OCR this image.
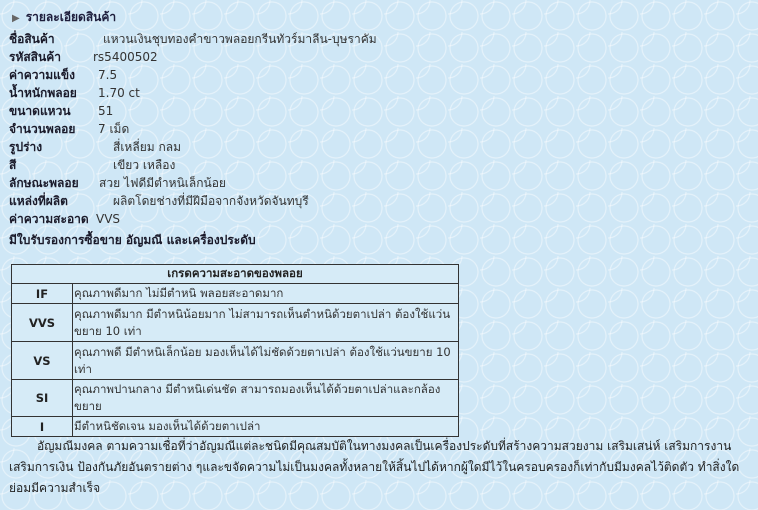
▶ รายละเอียดสินค้า
ชื่อสินค้า	แหวนเงินชุบทองคำขาวพลอยกรีนทัวร์มาลีน-บุษราคัม
รหัสสินค้า	rs5400502
ค่าความแข็ง 7.5
น้ำหนักพลอย 1.70 ct
ขนาดแหวน 51
จำนวนพลอย 7 เม็ด
รูปร่าง	สี่เหลี่ยม กลม
สี	เขียว เหลือง
ลักษณะพลอย สวย ไฟดีมีตำหนิเล็กน้อย
แหล่งที่ผลิต	ผลิตโดยช่างที่มีฝีมือจากจังหวัดจันทบุรี
ค่าความสะอาด VVS
มีใบรับรองการซื้อขาย อัญมณี และเครื่องประดับ
เกรดความสะอาดของพลอย	
IF	คุณภาพดีมาก ไม่มีตำหนิ พลอยสะอาดมาก
VVS	คุณภาพดีมาก มีตำหนิน้อยมาก ไม่สามารถเห็นตำหนิด้วยตาเปล่า ต้องใช้แว่นขยาย 10 เท่า
VS	คุณภาพดี มีตำหนิเล็กน้อย มองเห็นได้ไม่ชัดด้วยตาเปล่า ต้องใช้แว่นขยาย 10 เท่า
SI	คุณภาพปานกลาง มีตำหนิเด่นชัด สามารถมองเห็นได้ด้วยตาเปล่าและกล้องขยาย
I	มีตำหนิชัดเจน มองเห็นได้ด้วยตาเปล่า
อัญมณีมงคล ตามความเชื่อที่ว่าอัญมณีแต่ละชนิดมีคุณสมบัติในทางมงคลเป็นเครื่องประดับที่สร้างความสวยงาม เสริมเสน่ห์ เสริมการงาน เสริมการเงิน ป้องกันภัยอันตรายต่าง ๆและขจัดความไม่เป็นมงคลทั้งหลายให้สิ้นไปได้หากผู้ใดมีไว้ในครอบครองก็เท่ากับมีมงคลไว้ติดตัว ทำสิ่งใดย่อมมีความสำเร็จ
